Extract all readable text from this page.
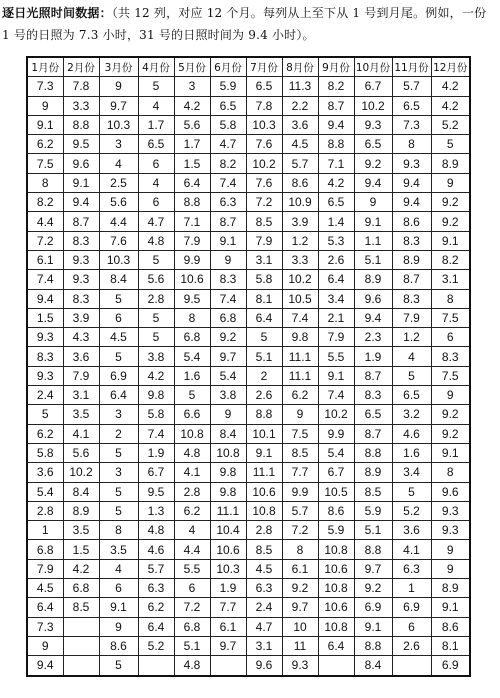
逐日光照时间数据：（共 12 列，对应 12 个月。每列从上至下从 1 号到月尾。例如，一份 1 号的日照为 7.3 小时，31 号的日照时间为 9.4 小时）。
1月份	2月份	3月份	4月份	5月份	6月份	7月份	8月份	9月份	10月份	11月份	12月份
7.3	7.8	9	5	3	5.9	6.5	11.3	8.2	6.7	5.7	4.2
9	3.3	9.7	4	4.2	6.5	7.8	2.2	8.7	10.2	6.5	4.2
9.1	8.8	10.3	1.7	5.6	5.8	10.3	3.6	9.4	9.3	7.3	5.2
6.2	9.5	3	6.5	1.7	4.7	7.6	4.5	8.8	6.5	8	5
7.5	9.6	4	6	1.5	8.2	10.2	5.7	7.1	9.2	9.3	8.9
8	9.1	2.5	4	6.4	7.4	7.6	8.6	4.2	9.4	9.4	9
8.2	9.4	5.6	6	8.8	6.3	7.2	10.9	6.5	9	9.4	9.2
4.4	8.7	4.4	4.7	7.1	8.7	8.5	3.9	1.4	9.1	8.6	9.2
7.2	8.3	7.6	4.8	7.9	9.1	7.9	1.2	5.3	1.1	8.3	9.1
6.1	9.3	10.3	5	9.9	9	3.1	3.3	2.6	5.1	8.9	8.2
7.4	9.3	8.4	5.6	10.6	8.3	5.8	10.2	6.4	8.9	8.7	3.1
9.4	8.3	5	2.8	9.5	7.4	8.1	10.5	3.4	9.6	8.3	8
1.5	3.9	6	5	8	6.8	6.4	7.4	2.1	9.4	7.9	7.5
9.3	4.3	4.5	5	6.8	9.2	5	9.8	7.9	2.3	1.2	6
8.3	3.6	5	3.8	5.4	9.7	5.1	11.1	5.5	1.9	4	8.3
9.3	7.9	6.9	4.2	1.6	5.4	2	11.1	9.1	8.7	5	7.5
2.4	3.1	6.4	9.8	5	3.8	2.6	6.2	7.4	8.3	6.5	9
5	3.5	3	5.8	6.6	9	8.8	9	10.2	6.5	3.2	9.2
6.2	4.1	2	7.4	10.8	8.4	10.1	7.5	9.9	8.7	4.6	9.2
5.8	5.6	5	1.9	4.8	10.8	9.1	8.5	5.4	8.8	1.6	9.1
3.6	10.2	3	6.7	4.1	9.8	11.1	7.7	6.7	8.9	3.4	8
5.4	8.4	5	9.5	2.8	9.8	10.6	9.9	10.5	8.5	5	9.6
2.8	8.9	5	1.3	6.2	11.1	10.8	5.7	8.6	5.9	5.2	9.3
1	3.5	8	4.8	4	10.4	2.8	7.2	5.9	5.1	3.6	9.3
6.8	1.5	3.5	4.6	4.4	10.6	8.5	8	10.8	8.8	4.1	9
7.9	4.2	4	5.7	5.5	10.3	4.5	6.1	10.6	9.7	6.3	9
4.5	6.8	6	6.3	6	1.9	6.3	9.2	10.8	9.2	1	8.9
6.4	8.5	9.1	6.2	7.2	7.7	2.4	9.7	10.6	6.9	6.9	9.1
7.3		9	6.4	6.8	6.1	4.7	10	10.8	9.1	6	8.6
9		8.6	5.2	5.1	9.7	3.1	11	6.4	8.8	2.6	8.1
9.4		5		4.8		9.6	9.3		8.4		6.9
